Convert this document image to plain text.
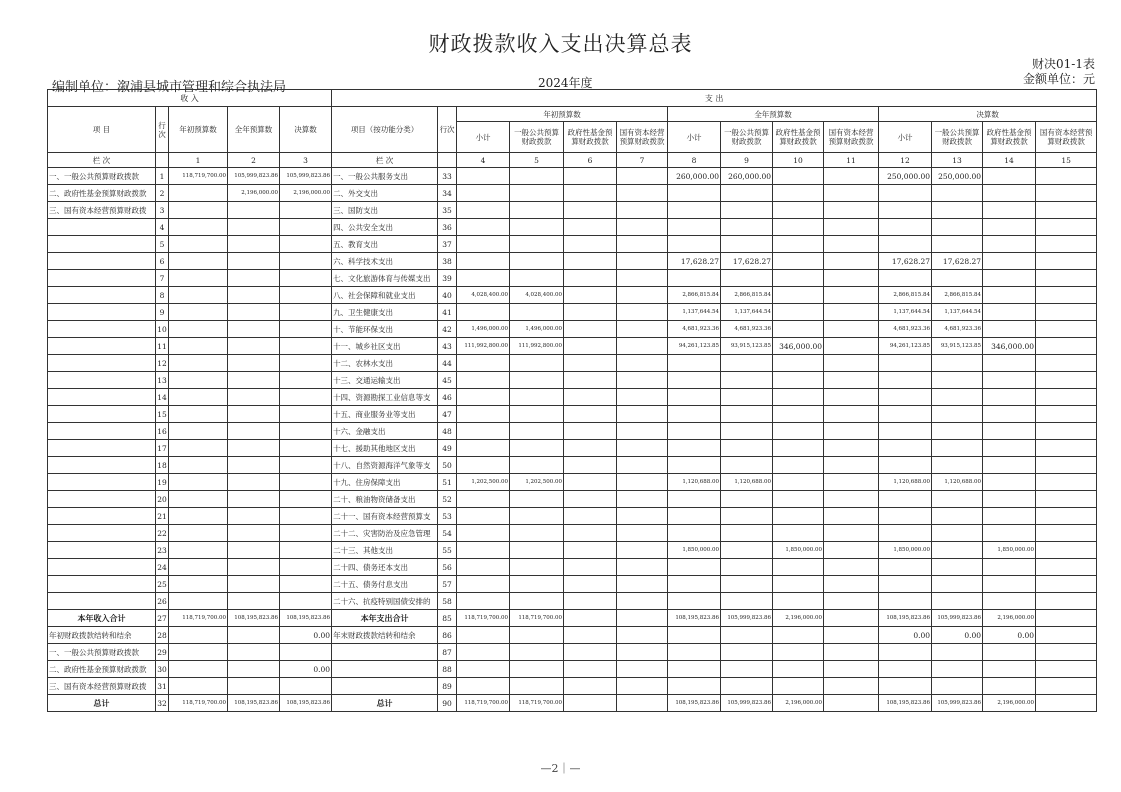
财政拨款收入支出决算总表
财决01-1表
金额单位：元
编制单位：溆浦县城市管理和综合执法局	2024年度
收 入					支 出													
项 目	行次	年初预算数	全年预算数	决算数	项目（按功能分类）	行次	年初预算数				全年预算数				决算数			
							小计	一般公共预算财政拨款	政府性基金预算财政拨款	国有资本经营预算财政拨款	小计	一般公共预算财政拨款	政府性基金预算财政拨款	国有资本经营预算财政拨款	小计	一般公共预算财政拨款	政府性基金预算财政拨款	国有资本经营预算财政拨款
栏 次		1	2	3	栏 次		4	5	6	7	8	9	10	11	12	13	14	15
一、一般公共预算财政拨款	1	118,719,700.00	105,999,823.86	105,999,823.86	一、一般公共服务支出	33					260,000.00	260,000.00			250,000.00	250,000.00		
二、政府性基金预算财政拨款	2		2,196,000.00	2,196,000.00	二、外交支出	34												
三、国有资本经营预算财政拨	3				三、国防支出	35												
	4				四、公共安全支出	36												
	5				五、教育支出	37												
	6				六、科学技术支出	38					17,628.27	17,628.27			17,628.27	17,628.27		
	7				七、文化旅游体育与传媒支出	39												
	8				八、社会保障和就业支出	40	4,028,400.00	4,028,400.00			2,866,815.84	2,866,815.84			2,866,815.84	2,866,815.84		
	9				九、卫生健康支出	41					1,137,644.54	1,137,644.54			1,137,644.54	1,137,644.54		
	10				十、节能环保支出	42	1,496,000.00	1,496,000.00			4,681,923.36	4,681,923.36			4,681,923.36	4,681,923.36		
	11				十一、城乡社区支出	43	111,992,800.00	111,992,800.00			94,261,123.85	93,915,123.85	346,000.00		94,261,123.85	93,915,123.85	346,000.00	
	12				十二、农林水支出	44												
	13				十三、交通运输支出	45												
	14				十四、资源勘探工业信息等支	46												
	15				十五、商业服务业等支出	47												
	16				十六、金融支出	48												
	17				十七、援助其他地区支出	49												
	18				十八、自然资源海洋气象等支	50												
	19				十九、住房保障支出	51	1,202,500.00	1,202,500.00			1,120,688.00	1,120,688.00			1,120,688.00	1,120,688.00		
	20				二十、粮油物资储备支出	52												
	21				二十一、国有资本经营预算支	53												
	22				二十二、灾害防治及应急管理	54												
	23				二十三、其他支出	55					1,850,000.00		1,850,000.00		1,850,000.00		1,850,000.00	
	24				二十四、债务还本支出	56												
	25				二十五、债务付息支出	57												
	26				二十六、抗疫特别国债安排的	58												
本年收入合计	27	118,719,700.00	108,195,823.86	108,195,823.86	本年支出合计	85	118,719,700.00	118,719,700.00			108,195,823.86	105,999,823.86	2,196,000.00		108,195,823.86	105,999,823.86	2,196,000.00	
年初财政拨款结转和结余	28			0.00	年末财政拨款结转和结余	86									0.00	0.00	0.00	
一、一般公共预算财政拨款	29					87												
二、政府性基金预算财政拨款	30			0.00		88												
三、国有资本经营预算财政拨	31					89												
总计	32	118,719,700.00	108,195,823.86	108,195,823.86	总计	90	118,719,700.00	118,719,700.00			108,195,823.86	105,999,823.86	2,196,000.00		108,195,823.86	105,999,823.86	2,196,000.00	
—2｜—
